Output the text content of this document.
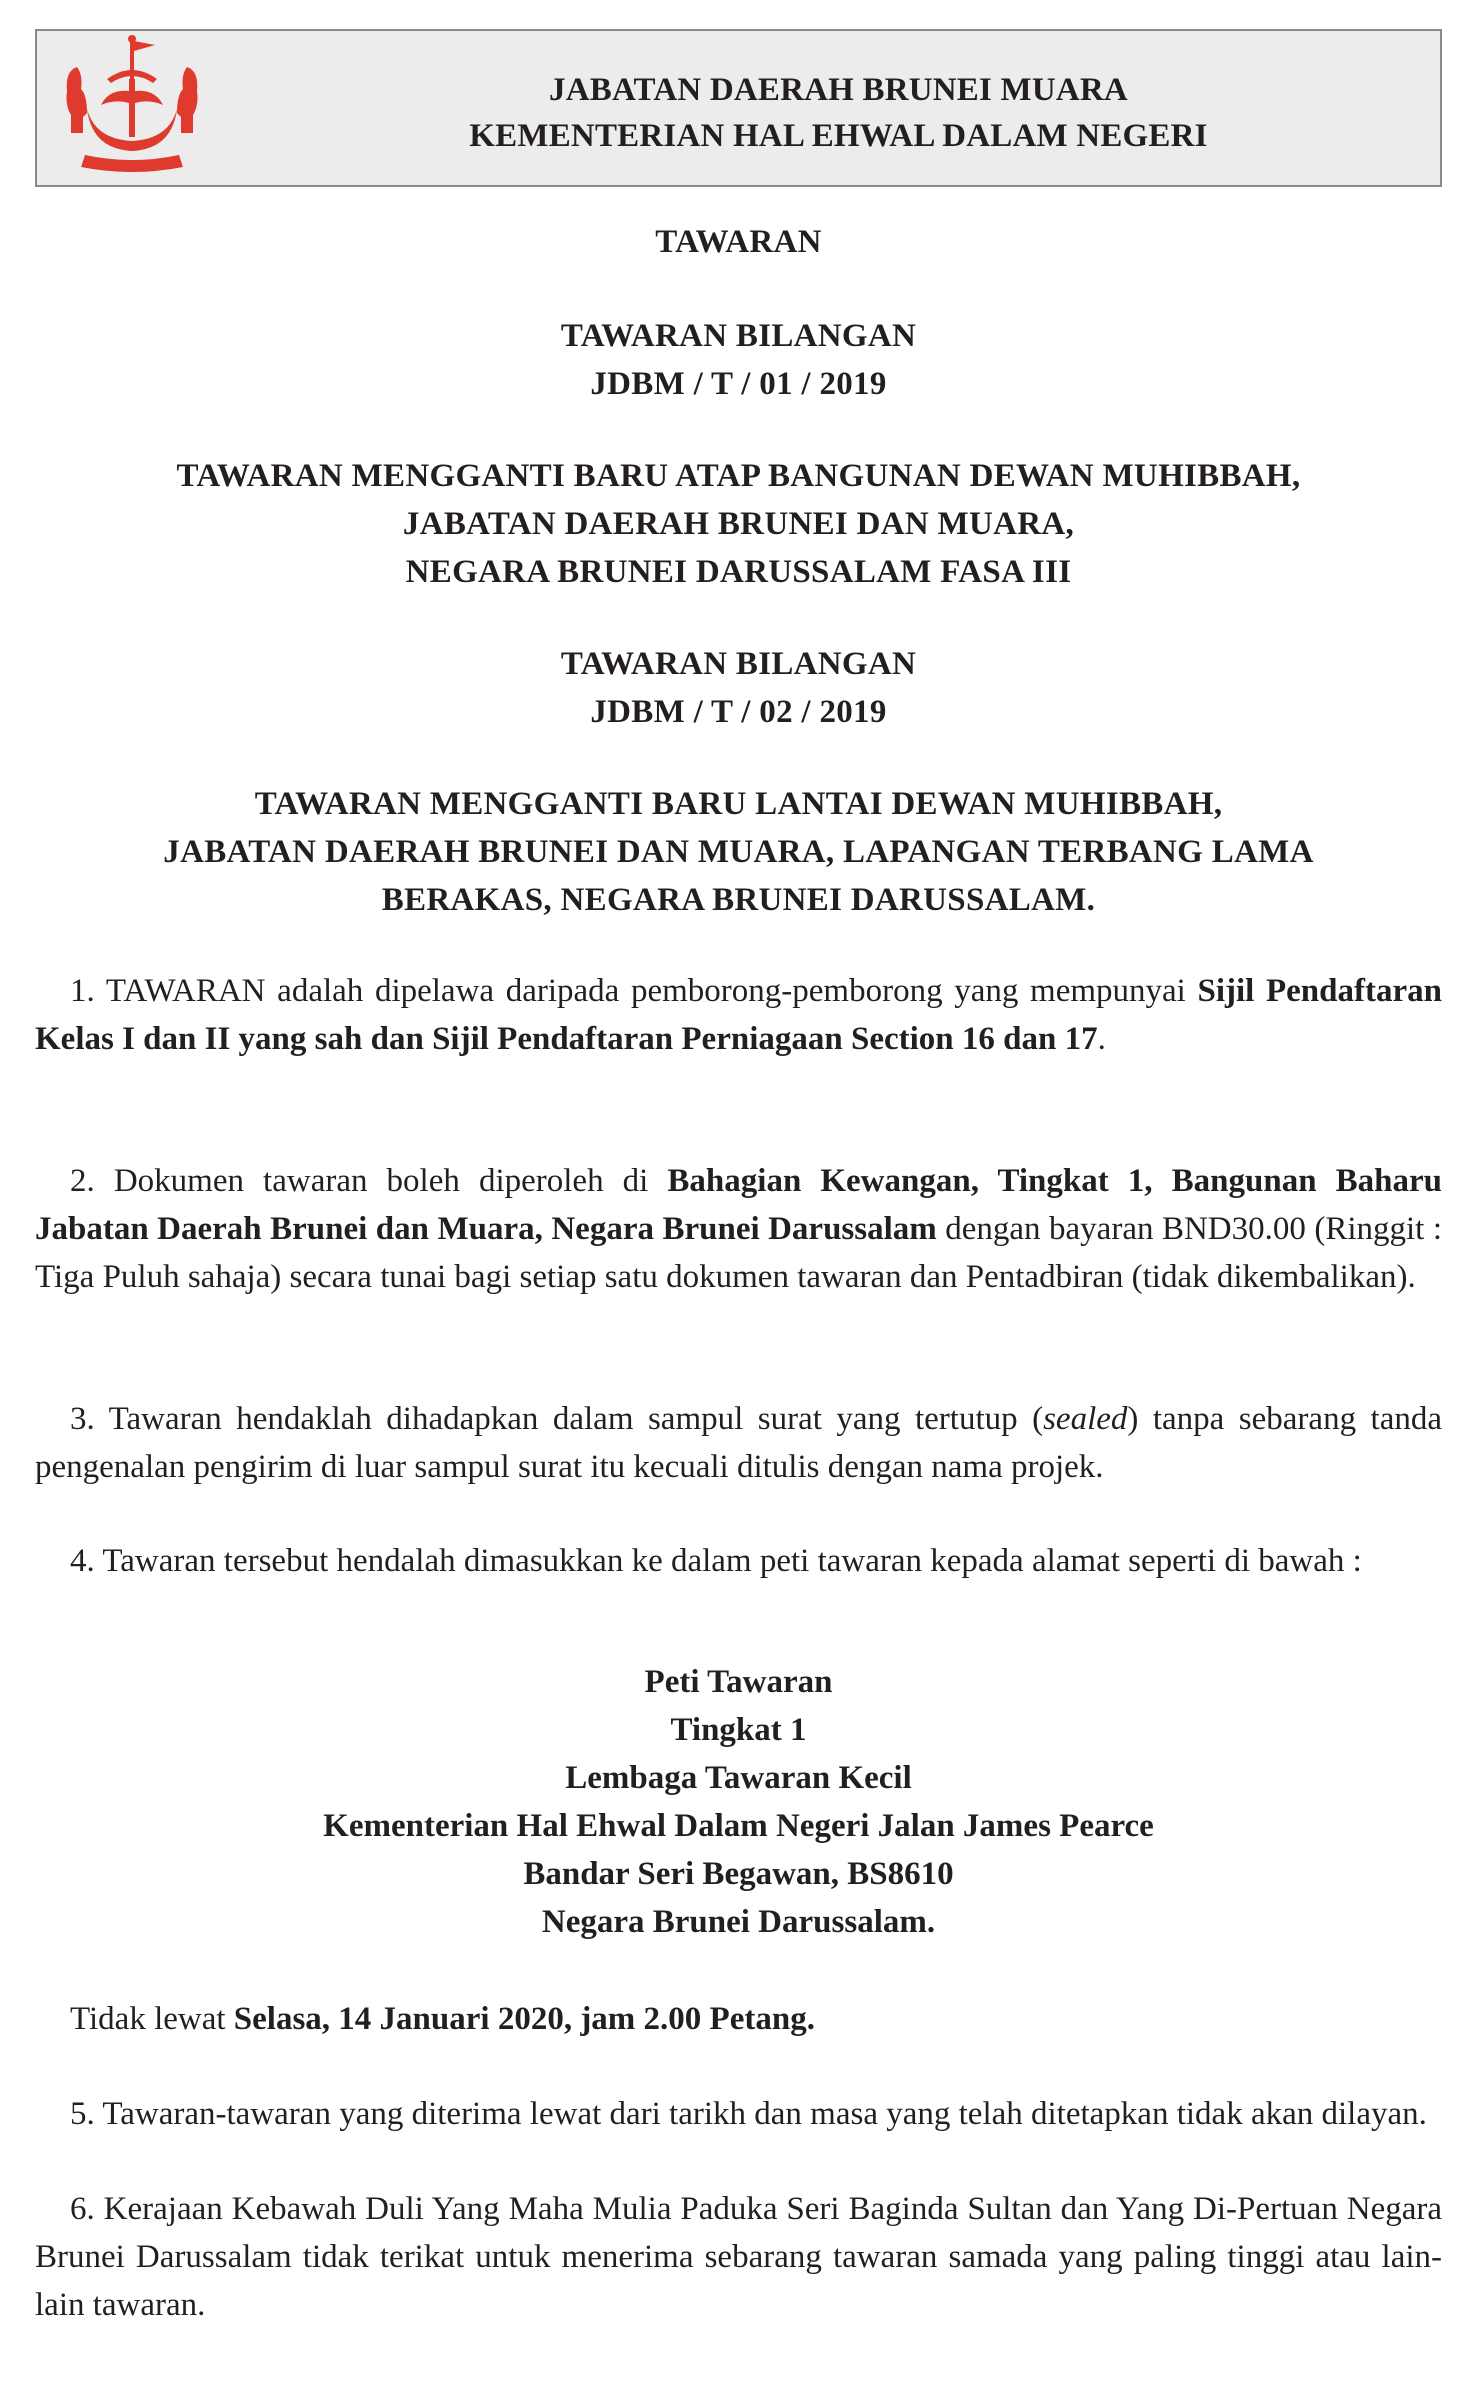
JABATAN DAERAH BRUNEI MUARA
KEMENTERIAN HAL EHWAL DALAM NEGERI
TAWARAN
TAWARAN BILANGAN
JDBM / T / 01 / 2019
TAWARAN MENGGANTI BARU ATAP BANGUNAN DEWAN MUHIBBAH,
JABATAN DAERAH BRUNEI DAN MUARA,
NEGARA BRUNEI DARUSSALAM FASA III
TAWARAN BILANGAN
JDBM / T / 02 / 2019
TAWARAN MENGGANTI BARU LANTAI DEWAN MUHIBBAH,
JABATAN DAERAH BRUNEI DAN MUARA, LAPANGAN TERBANG LAMA
BERAKAS, NEGARA BRUNEI DARUSSALAM.
1. TAWARAN adalah dipelawa daripada pemborong-pemborong yang mempunyai Sijil Pendaftaran Kelas I dan II yang sah dan Sijil Pendaftaran Perniagaan Section 16 dan 17.
2. Dokumen tawaran boleh diperoleh di Bahagian Kewangan, Tingkat 1, Bangunan Baharu Jabatan Daerah Brunei dan Muara, Negara Brunei Darussalam dengan bayaran BND30.00 (Ringgit : Tiga Puluh sahaja) secara tunai bagi setiap satu dokumen tawaran dan Pentadbiran (tidak dikembalikan).
3. Tawaran hendaklah dihadapkan dalam sampul surat yang tertutup (sealed) tanpa sebarang tanda pengenalan pengirim di luar sampul surat itu kecuali ditulis dengan nama projek.
4. Tawaran tersebut hendalah dimasukkan ke dalam peti tawaran kepada alamat seperti di bawah :
Peti Tawaran
Tingkat 1
Lembaga Tawaran Kecil
Kementerian Hal Ehwal Dalam Negeri Jalan James Pearce
Bandar Seri Begawan, BS8610
Negara Brunei Darussalam.
Tidak lewat Selasa, 14 Januari 2020, jam 2.00 Petang.
5. Tawaran-tawaran yang diterima lewat dari tarikh dan masa yang telah ditetapkan tidak akan dilayan.
6. Kerajaan Kebawah Duli Yang Maha Mulia Paduka Seri Baginda Sultan dan Yang Di-Pertuan Negara Brunei Darussalam tidak terikat untuk menerima sebarang tawaran samada yang paling tinggi atau lain-lain tawaran.
